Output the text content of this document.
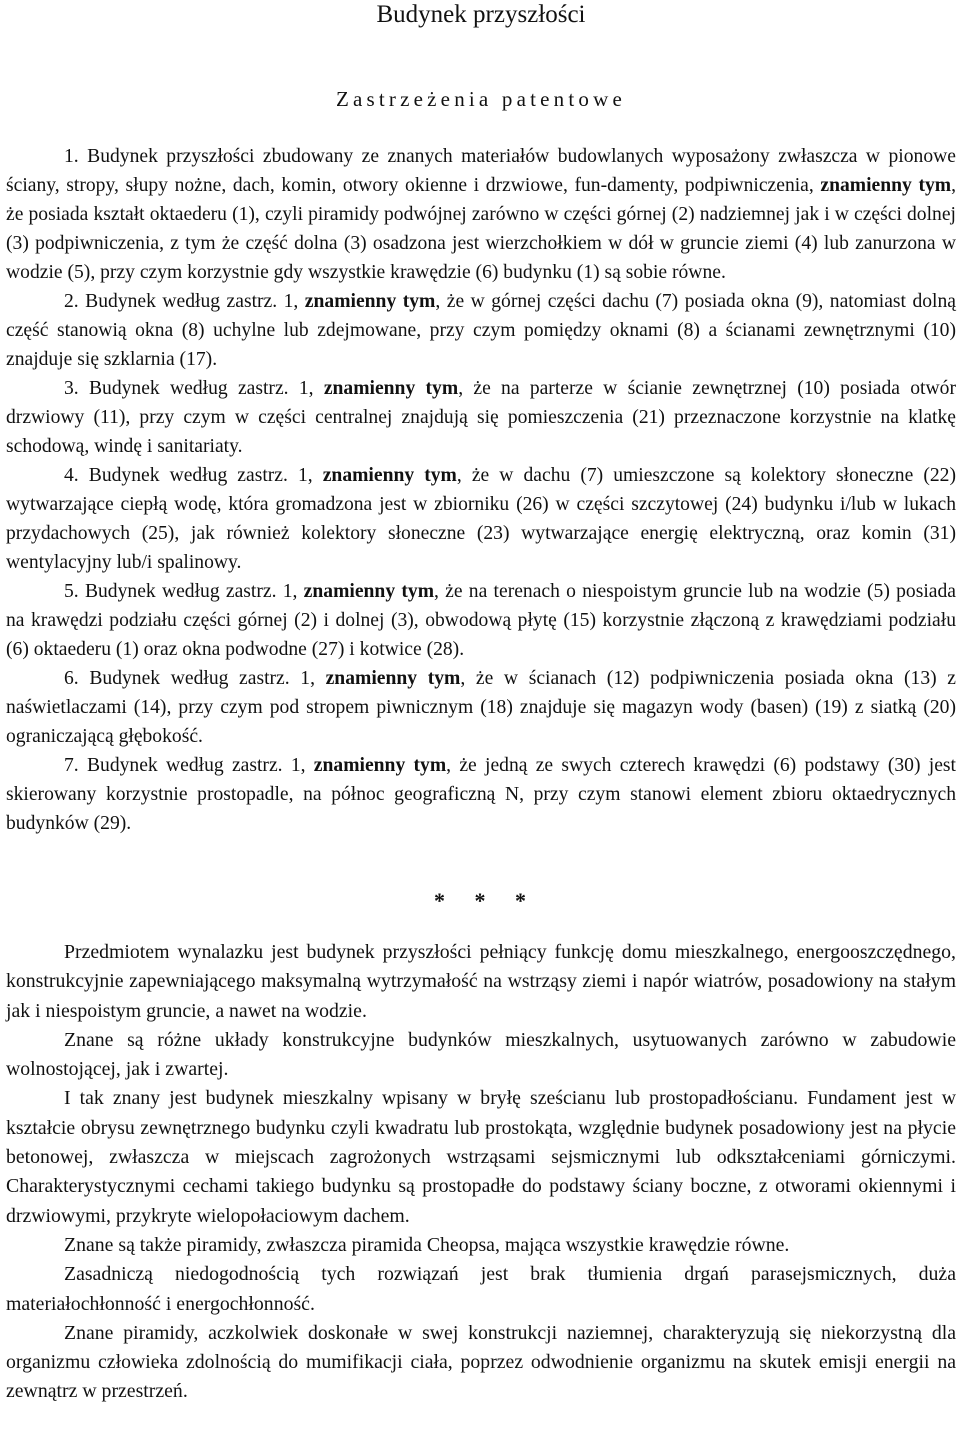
Budynek przyszłości
Zastrzeżenia patentowe

1. Budynek przyszłości zbudowany ze znanych materiałów budowlanych wyposażony zwłaszcza w pionowe ściany, stropy, słupy nożne, dach, komin, otwory okienne i drzwiowe, fun-damenty, podpiwniczenia, znamienny tym, że posiada kształt oktaederu (1), czyli piramidy podwójnej zarówno w części górnej (2) nadziemnej jak i w części dolnej (3) podpiwniczenia, z tym że część dolna (3) osadzona jest wierzchołkiem w dół w gruncie ziemi (4) lub zanurzona w wodzie (5), przy czym korzystnie gdy wszystkie krawędzie (6) budynku (1) są sobie równe.

2. Budynek według zastrz. 1, znamienny tym, że w górnej części dachu (7) posiada okna (9), natomiast dolną część stanowią okna (8) uchylne lub zdejmowane, przy czym pomiędzy oknami (8) a ścianami zewnętrznymi (10) znajduje się szklarnia (17).

3. Budynek według zastrz. 1, znamienny tym, że na parterze w ścianie zewnętrznej (10) posiada otwór drzwiowy (11), przy czym w części centralnej znajdują się pomieszczenia (21) przeznaczone korzystnie na klatkę schodową, windę i sanitariaty.

4. Budynek według zastrz. 1, znamienny tym, że w dachu (7) umieszczone są kolektory słoneczne (22) wytwarzające ciepłą wodę, która gromadzona jest w zbiorniku (26) w części szczytowej (24) budynku i/lub w lukach przydachowych (25), jak również kolektory słoneczne (23) wytwarzające energię elektryczną, oraz komin (31) wentylacyjny lub/i spalinowy.

5. Budynek według zastrz. 1, znamienny tym, że na terenach o niespoistym gruncie lub na wodzie (5) posiada na krawędzi podziału części górnej (2) i dolnej (3), obwodową płytę (15) korzystnie złączoną z krawędziami podziału (6) oktaederu (1) oraz okna podwodne (27) i kotwice (28).

6. Budynek według zastrz. 1, znamienny tym, że w ścianach (12) podpiwniczenia posiada okna (13) z naświetlaczami (14), przy czym pod stropem piwnicznym (18) znajduje się magazyn wody (basen) (19) z siatką (20) ograniczającą głębokość.

7. Budynek według zastrz. 1, znamienny tym, że jedną ze swych czterech krawędzi (6) podstawy (30) jest skierowany korzystnie prostopadle, na północ geograficzną N, przy czym stanowi element zbioru oktaedrycznych budynków (29).

* * *

Przedmiotem wynalazku jest budynek przyszłości pełniący funkcję domu mieszkalnego, energooszczędnego, konstrukcyjnie zapewniającego maksymalną wytrzymałość na wstrząsy ziemi i napór wiatrów, posadowiony na stałym jak i niespoistym gruncie, a nawet na wodzie.

Znane są różne układy konstrukcyjne budynków mieszkalnych, usytuowanych zarówno w zabudowie wolnostojącej, jak i zwartej.

I tak znany jest budynek mieszkalny wpisany w bryłę sześcianu lub prostopadłościanu. Fundament jest w kształcie obrysu zewnętrznego budynku czyli kwadratu lub prostokąta, względnie budynek posadowiony jest na płycie betonowej, zwłaszcza w miejscach zagrożonych wstrząsami sejsmicznymi lub odkształceniami górniczymi. Charakterystycznymi cechami takiego budynku są prostopadłe do podstawy ściany boczne, z otworami okiennymi i drzwiowymi, przykryte wielopołaciowym dachem.

Znane są także piramidy, zwłaszcza piramida Cheopsa, mająca wszystkie krawędzie równe.

Zasadniczą niedogodnością tych rozwiązań jest brak tłumienia drgań parasejsmicznych, duża materiałochłonność i energochłonność.

Znane piramidy, aczkolwiek doskonałe w swej konstrukcji naziemnej, charakteryzują się niekorzystną dla organizmu człowieka zdolnością do mumifikacji ciała, poprzez odwodnienie organizmu na skutek emisji energii na zewnątrz w przestrzeń.
